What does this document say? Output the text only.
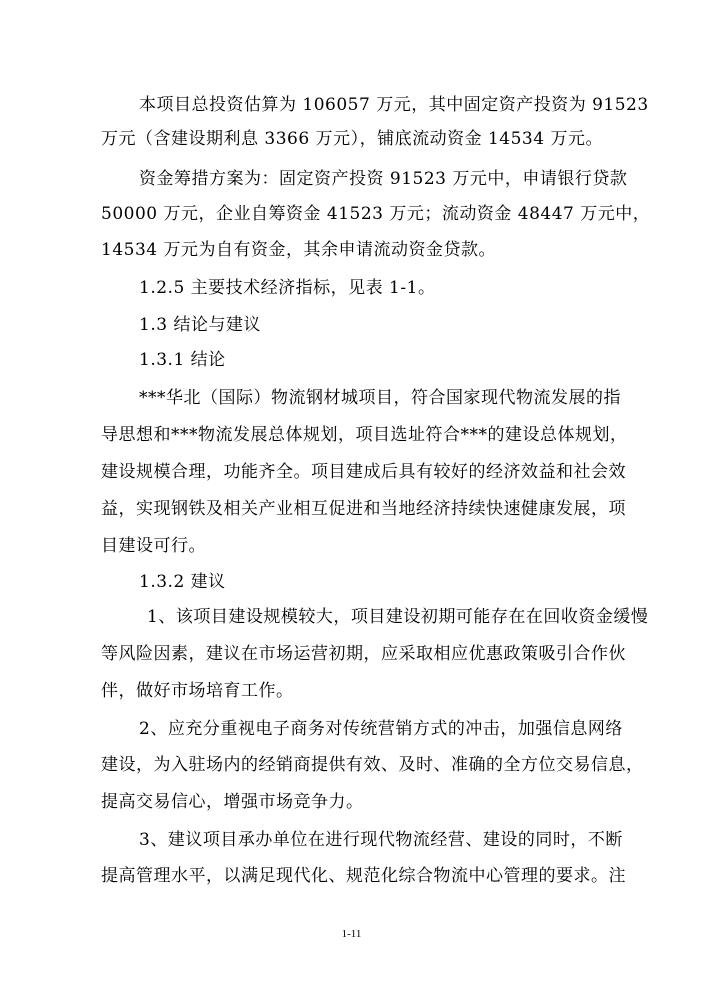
本项目总投资估算为 106057 万元，其中固定资产投资为 91523
万元（含建设期利息 3366 万元），铺底流动资金 14534 万元。
资金筹措方案为：固定资产投资 91523 万元中，申请银行贷款
50000 万元，企业自筹资金 41523 万元；流动资金 48447 万元中，
14534 万元为自有资金，其余申请流动资金贷款。
1.2.5 主要技术经济指标，见表 1-1。
1.3 结论与建议
1.3.1 结论
***华北（国际）物流钢材城项目，符合国家现代物流发展的指
导思想和***物流发展总体规划，项目选址符合***的建设总体规划，
建设规模合理，功能齐全。项目建成后具有较好的经济效益和社会效
益，实现钢铁及相关产业相互促进和当地经济持续快速健康发展，项
目建设可行。
1.3.2 建议
1、该项目建设规模较大，项目建设初期可能存在在回收资金缓慢
等风险因素，建议在市场运营初期，应采取相应优惠政策吸引合作伙
伴，做好市场培育工作。
2、应充分重视电子商务对传统营销方式的冲击，加强信息网络
建设，为入驻场内的经销商提供有效、及时、准确的全方位交易信息，
提高交易信心，增强市场竞争力。
3、建议项目承办单位在进行现代物流经营、建设的同时，不断
提高管理水平，以满足现代化、规范化综合物流中心管理的要求。注
1-11
